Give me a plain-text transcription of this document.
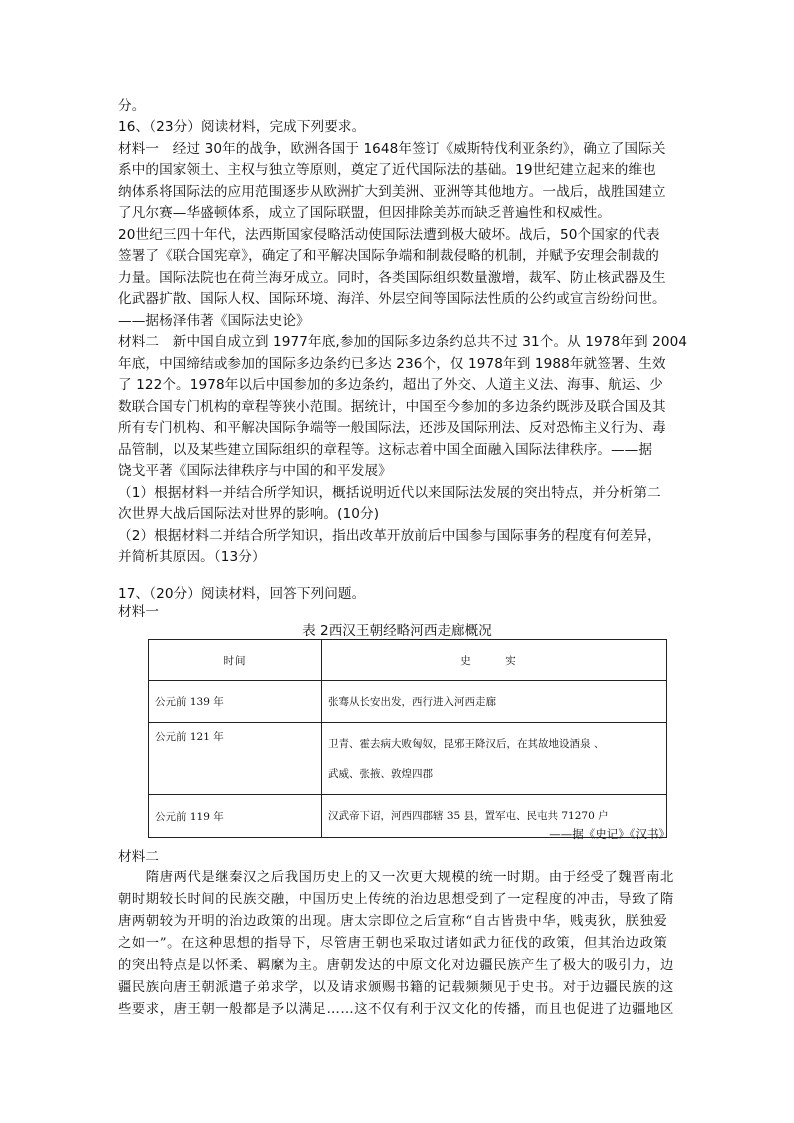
分。
16、（23分）阅读材料，完成下列要求。
材料一　经过 30年的战争，欧洲各国于 1648年签订《威斯特伐利亚条约》，确立了国际关
系中的国家领土、主权与独立等原则，奠定了近代国际法的基础。19世纪建立起来的维也
纳体系将国际法的应用范围逐步从欧洲扩大到美洲、亚洲等其他地方。一战后，战胜国建立
了凡尔赛—华盛顿体系，成立了国际联盟，但因排除美苏而缺乏普遍性和权威性。
20世纪三四十年代，法西斯国家侵略活动使国际法遭到极大破坏。战后，50个国家的代表
签署了《联合国宪章》，确定了和平解决国际争端和制裁侵略的机制，并赋予安理会制裁的
力量。国际法院也在荷兰海牙成立。同时，各类国际组织数量激增，裁军、防止核武器及生
化武器扩散、国际人权、国际环境、海洋、外层空间等国际法性质的公约或宣言纷纷问世。
——据杨泽伟著《国际法史论》
材料二　新中国自成立到 1977年底,参加的国际多边条约总共不过 31个。从 1978年到 2004
年底，中国缔结或参加的国际多边条约已多达 236个，仅 1978年到 1988年就签署、生效
了 122个。1978年以后中国参加的多边条约，超出了外交、人道主义法、海事、航运、少
数联合国专门机构的章程等狭小范围。据统计，中国至今参加的多边条约既涉及联合国及其
所有专门机构、和平解决国际争端等一般国际法，还涉及国际刑法、反对恐怖主义行为、毒
品管制，以及某些建立国际组织的章程等。这标志着中国全面融入国际法律秩序。——据
饶戈平著《国际法律秩序与中国的和平发展》
（1）根据材料一并结合所学知识，概括说明近代以来国际法发展的突出特点，并分析第二
次世界大战后国际法对世界的影响。(10分)
（2）根据材料二并结合所学知识，指出改革开放前后中国参与国际事务的程度有何差异，
并简析其原因。（13分）
17、（20分）阅读材料，回答下列问题。
材料一
表 2西汉王朝经略河西走廊概况
时间	史　实
公元前 139 年	张骞从长安出发，西行进入河西走廊

公元前 121 年	卫青、霍去病大败匈奴，昆邪王降汉后，在其故地设酒泉 、
武威、张掖、敦煌四郡

公元前 119 年	汉武帝下诏，河西四郡辖 35 县，置军屯、民屯共 71270 户
——据《史记》《汉书》
材料二
　　隋唐两代是继秦汉之后我国历史上的又一次更大规模的统一时期。由于经受了魏晋南北
朝时期较长时间的民族交融，中国历史上传统的治边思想受到了一定程度的冲击，导致了隋
唐两朝较为开明的治边政策的出现。唐太宗即位之后宣称“自古皆贵中华，贱夷狄，朕独爱
之如一”。在这种思想的指导下，尽管唐王朝也采取过诸如武力征伐的政策，但其治边政策
的突出特点是以怀柔、羁縻为主。唐朝发达的中原文化对边疆民族产生了极大的吸引力，边
疆民族向唐王朝派遣子弟求学，以及请求颁赐书籍的记载频频见于史书。对于边疆民族的这
些要求，唐王朝一般都是予以满足……这不仅有利于汉文化的传播，而且也促进了边疆地区
